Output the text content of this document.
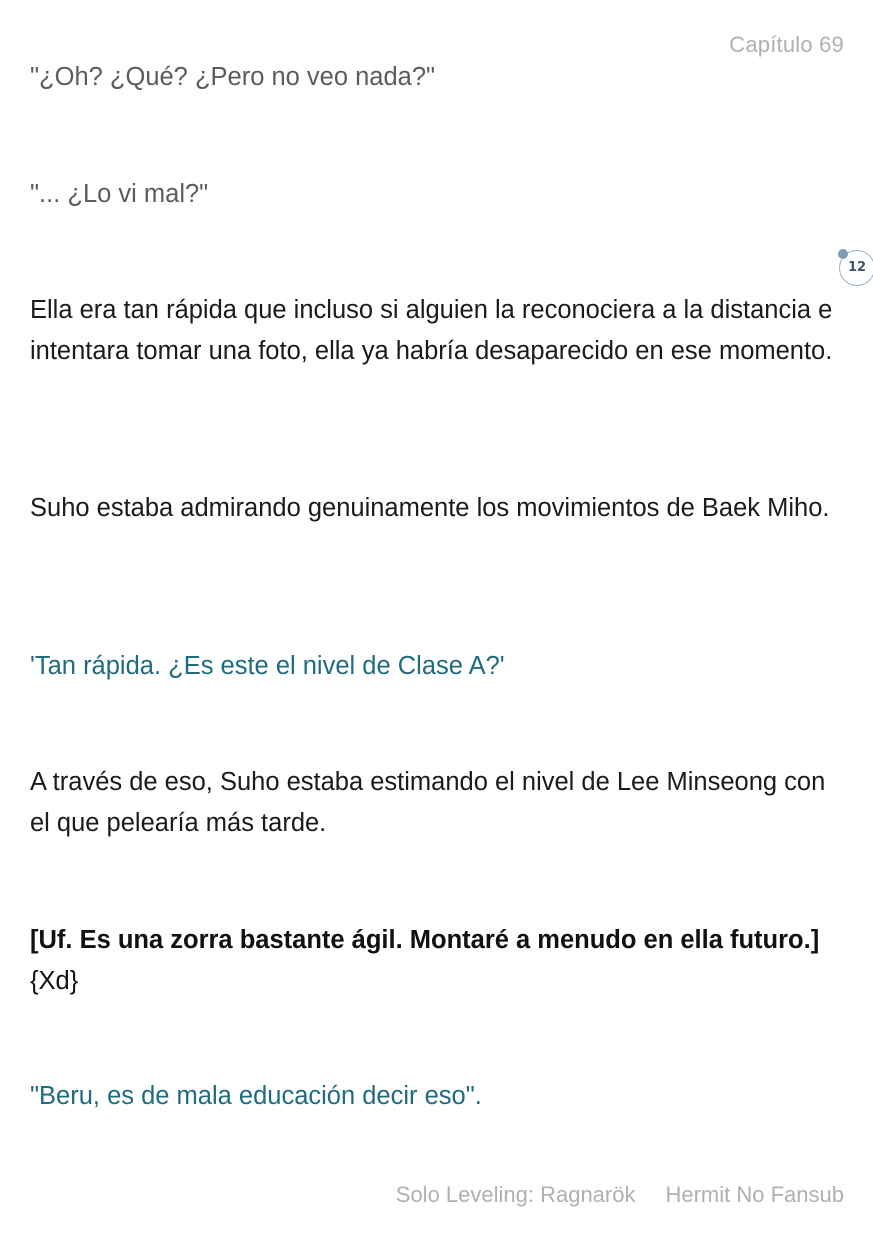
Capítulo 69

"¿Oh? ¿Qué? ¿Pero no veo nada?"

"... ¿Lo vi mal?"

12

Ella era tan rápida que incluso si alguien la reconociera a la distancia e intentara tomar una foto, ella ya habría desaparecido en ese momento.

Suho estaba admirando genuinamente los movimientos de Baek Miho.

'Tan rápida. ¿Es este el nivel de Clase A?'

A través de eso, Suho estaba estimando el nivel de Lee Minseong con el que pelearía más tarde.

[Uf. Es una zorra bastante ágil. Montaré a menudo en ella futuro.] {Xd}

"Beru, es de mala educación decir eso".

Solo Leveling: Ragnarök Hermit No Fansub
